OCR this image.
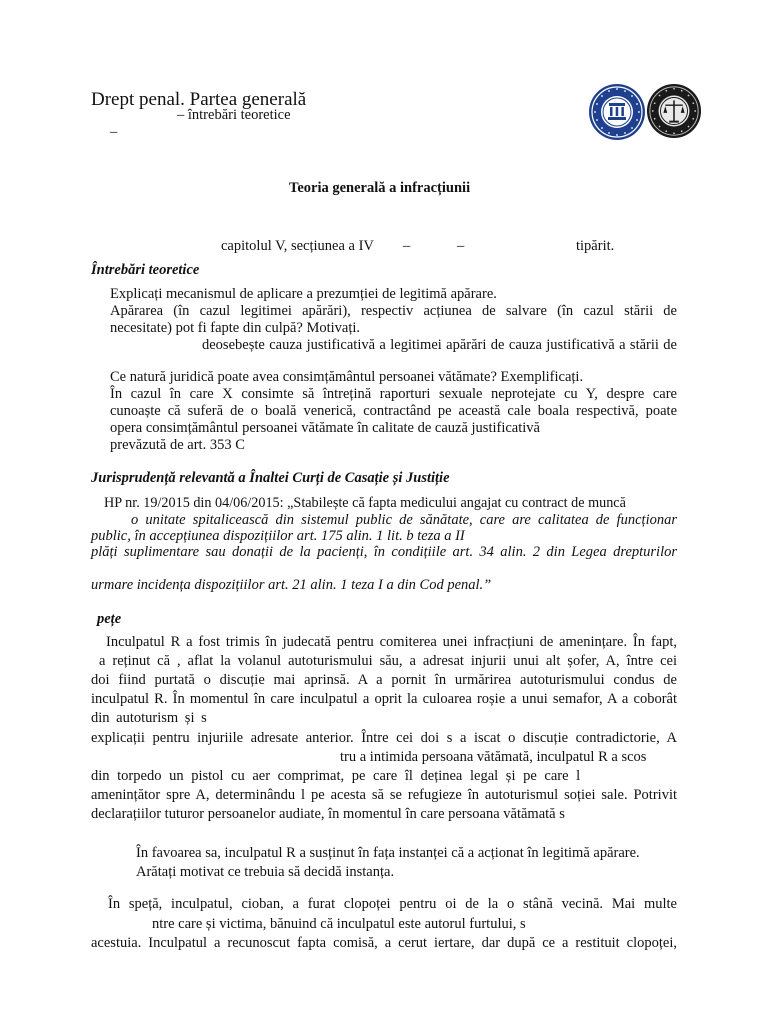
Drept penal. Partea generală
– întrebări teoretice
–
Teoria generală a infracțiunii
capitolul V, secțiunea a IV –	–	tipărit.
Întrebări teoretice
Explicați mecanismul de aplicare a prezumției de legitimă apărare.
Apărarea (în cazul legitimei apărări), respectiv acțiunea de salvare (în cazul stării de
necesitate) pot fi fapte din culpă? Motivați.
deosebește cauza justificativă a legitimei apărări de cauza justificativă a stării de
Ce natură juridică poate avea consimțământul persoanei vătămate? Exemplificați.
În cazul în care X consimte să întrețină raporturi sexuale neprotejate cu Y, despre care
cunoaște că suferă de o boală venerică, contractând pe această cale boala respectivă, poate
opera consimțământul persoanei vătămate în calitate de cauză justificativă
prevăzută de art. 353 C
Jurisprudență relevantă a Înaltei Curți de Casație și Justiție
HP nr. 19/2015 din 04/06/2015: „Stabilește că fapta medicului angajat cu contract de muncă
o unitate spitalicească din sistemul public de sănătate, care are calitatea de funcționar
public, în accepțiunea dispozițiilor art. 175 alin. 1 lit. b teza a II
plăți suplimentare sau donații de la pacienți, în condițiile art. 34 alin. 2 din Legea drepturilor
urmare incidența dispozițiilor art. 21 alin. 1 teza I a din Cod penal.”
pețe
Inculpatul R a fost trimis în judecată pentru comiterea unei infracțiuni de amenințare. În fapt,
a reținut că , aflat la volanul autoturismului său, a adresat injurii unui alt șofer, A, între cei
doi fiind purtată o discuție mai aprinsă. A a pornit în urmărirea autoturismului condus de
inculpatul R. În momentul în care inculpatul a oprit la culoarea roșie a unui semafor, A a coborât
din autoturism și s
explicații pentru injuriile adresate anterior. Între cei doi s a iscat o discuție contradictorie, A
tru a intimida persoana vătămată, inculpatul R a scos
din torpedo un pistol cu aer comprimat, pe care îl deținea legal și pe care l
amenințător spre A, determinându l pe acesta să se refugieze în autoturismul soției sale. Potrivit
declarațiilor tuturor persoanelor audiate, în momentul în care persoana vătămată s
În favoarea sa, inculpatul R a susținut în fața instanței că a acționat în legitimă apărare.
Arătați motivat ce trebuia să decidă instanța.
În speță, inculpatul, cioban, a furat clopoței pentru oi de la o stână vecină. Mai multe
ntre care și victima, bănuind că inculpatul este autorul furtului, s
acestuia. Inculpatul a recunoscut fapta comisă, a cerut iertare, dar după ce a restituit clopoței,
